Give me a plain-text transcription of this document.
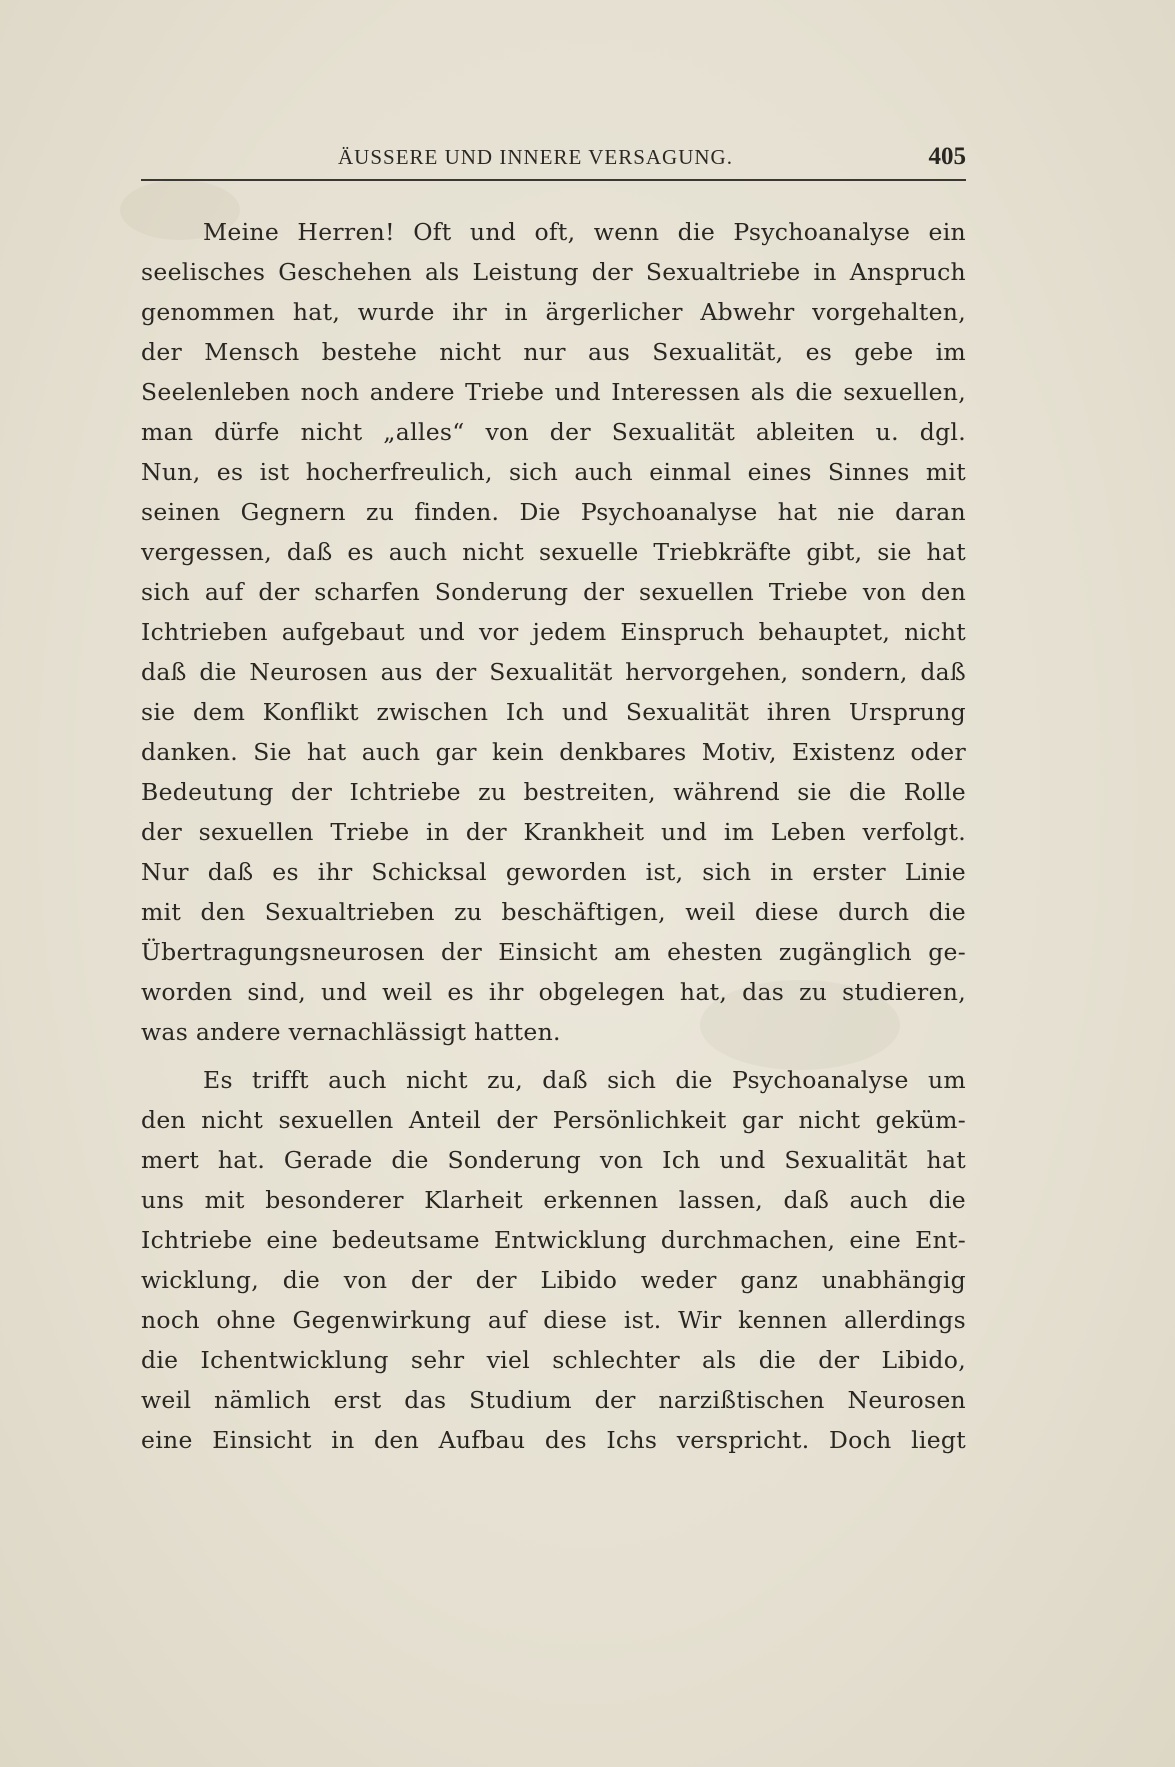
ÄUSSERE UND INNERE VERSAGUNG.	405
Meine Herren! Oft und oft, wenn die Psychoanalyse ein
seelisches Geschehen als Leistung der Sexualtriebe in Anspruch
genommen hat, wurde ihr in ärgerlicher Abwehr vorgehalten,
der Mensch bestehe nicht nur aus Sexualität, es gebe im
Seelenleben noch andere Triebe und Interessen als die sexuellen,
man dürfe nicht „alles“ von der Sexualität ableiten u. dgl.
Nun, es ist hocherfreulich, sich auch einmal eines Sinnes mit
seinen Gegnern zu finden. Die Psychoanalyse hat nie daran
vergessen, daß es auch nicht sexuelle Triebkräfte gibt, sie hat
sich auf der scharfen Sonderung der sexuellen Triebe von den
Ichtrieben aufgebaut und vor jedem Einspruch behauptet, nicht
daß die Neurosen aus der Sexualität hervorgehen, sondern, daß
sie dem Konflikt zwischen Ich und Sexualität ihren Ursprung
danken. Sie hat auch gar kein denkbares Motiv, Existenz oder
Bedeutung der Ichtriebe zu bestreiten, während sie die Rolle
der sexuellen Triebe in der Krankheit und im Leben verfolgt.
Nur daß es ihr Schicksal geworden ist, sich in erster Linie
mit den Sexualtrieben zu beschäftigen, weil diese durch die
Übertragungsneurosen der Einsicht am ehesten zugänglich ge-
worden sind, und weil es ihr obgelegen hat, das zu studieren,
was andere vernachlässigt hatten.
Es trifft auch nicht zu, daß sich die Psychoanalyse um
den nicht sexuellen Anteil der Persönlichkeit gar nicht geküm-
mert hat. Gerade die Sonderung von Ich und Sexualität hat
uns mit besonderer Klarheit erkennen lassen, daß auch die
Ichtriebe eine bedeutsame Entwicklung durchmachen, eine Ent-
wicklung, die von der der Libido weder ganz unabhängig
noch ohne Gegenwirkung auf diese ist. Wir kennen allerdings
die Ichentwicklung sehr viel schlechter als die der Libido,
weil nämlich erst das Studium der narzißtischen Neurosen
eine Einsicht in den Aufbau des Ichs verspricht. Doch liegt
